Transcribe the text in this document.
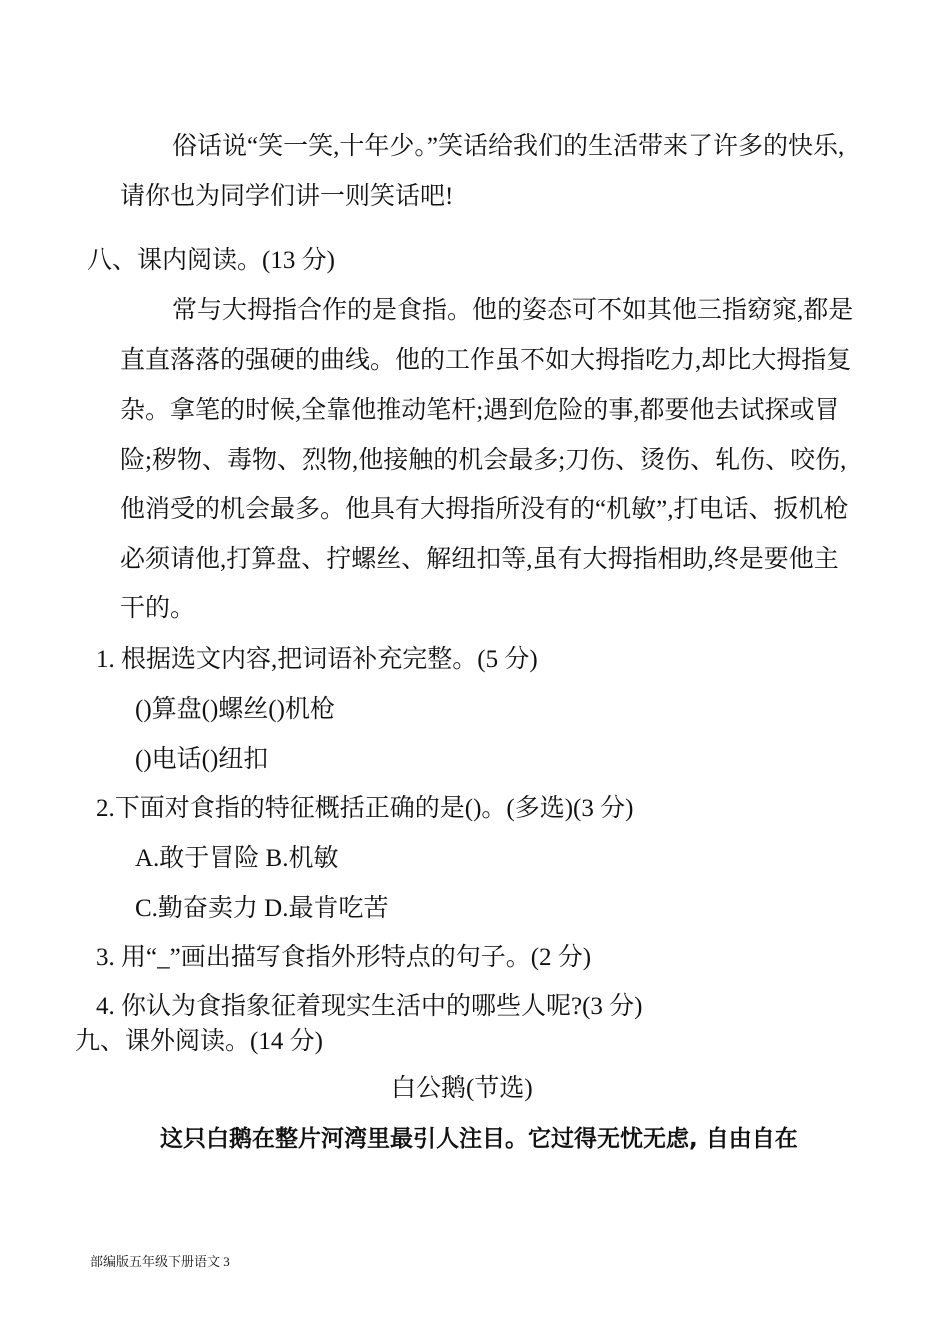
俗话说“笑一笑,十年少。”笑话给我们的生活带来了许多的快乐,
请你也为同学们讲一则笑话吧!
八、课内阅读。(13 分)
常与大拇指合作的是食指。他的姿态可不如其他三指窈窕,都是
直直落落的强硬的曲线。他的工作虽不如大拇指吃力,却比大拇指复
杂。拿笔的时候,全靠他推动笔杆;遇到危险的事,都要他去试探或冒
险;秽物、毒物、烈物,他接触的机会最多;刀伤、烫伤、轧伤、咬伤,
他消受的机会最多。他具有大拇指所没有的“机敏”,打电话、扳机枪
必须请他,打算盘、拧螺丝、解纽扣等,虽有大拇指相助,终是要他主
干的。
1. 根据选文内容,把词语补充完整。(5 分)
()算盘()螺丝()机枪
()电话()纽扣
2.下面对食指的特征概括正确的是()。(多选)(3 分)
A.敢于冒险 B.机敏
C.勤奋卖力 D.最肯吃苦
3. 用“_”画出描写食指外形特点的句子。(2 分)
4. 你认为食指象征着现实生活中的哪些人呢?(3 分)
九、课外阅读。(14 分)
白公鹅(节选)
这只白鹅在整片河湾里最引人注目。它过得无忧无虑, 自由自在
部编版五年级下册语文 3
